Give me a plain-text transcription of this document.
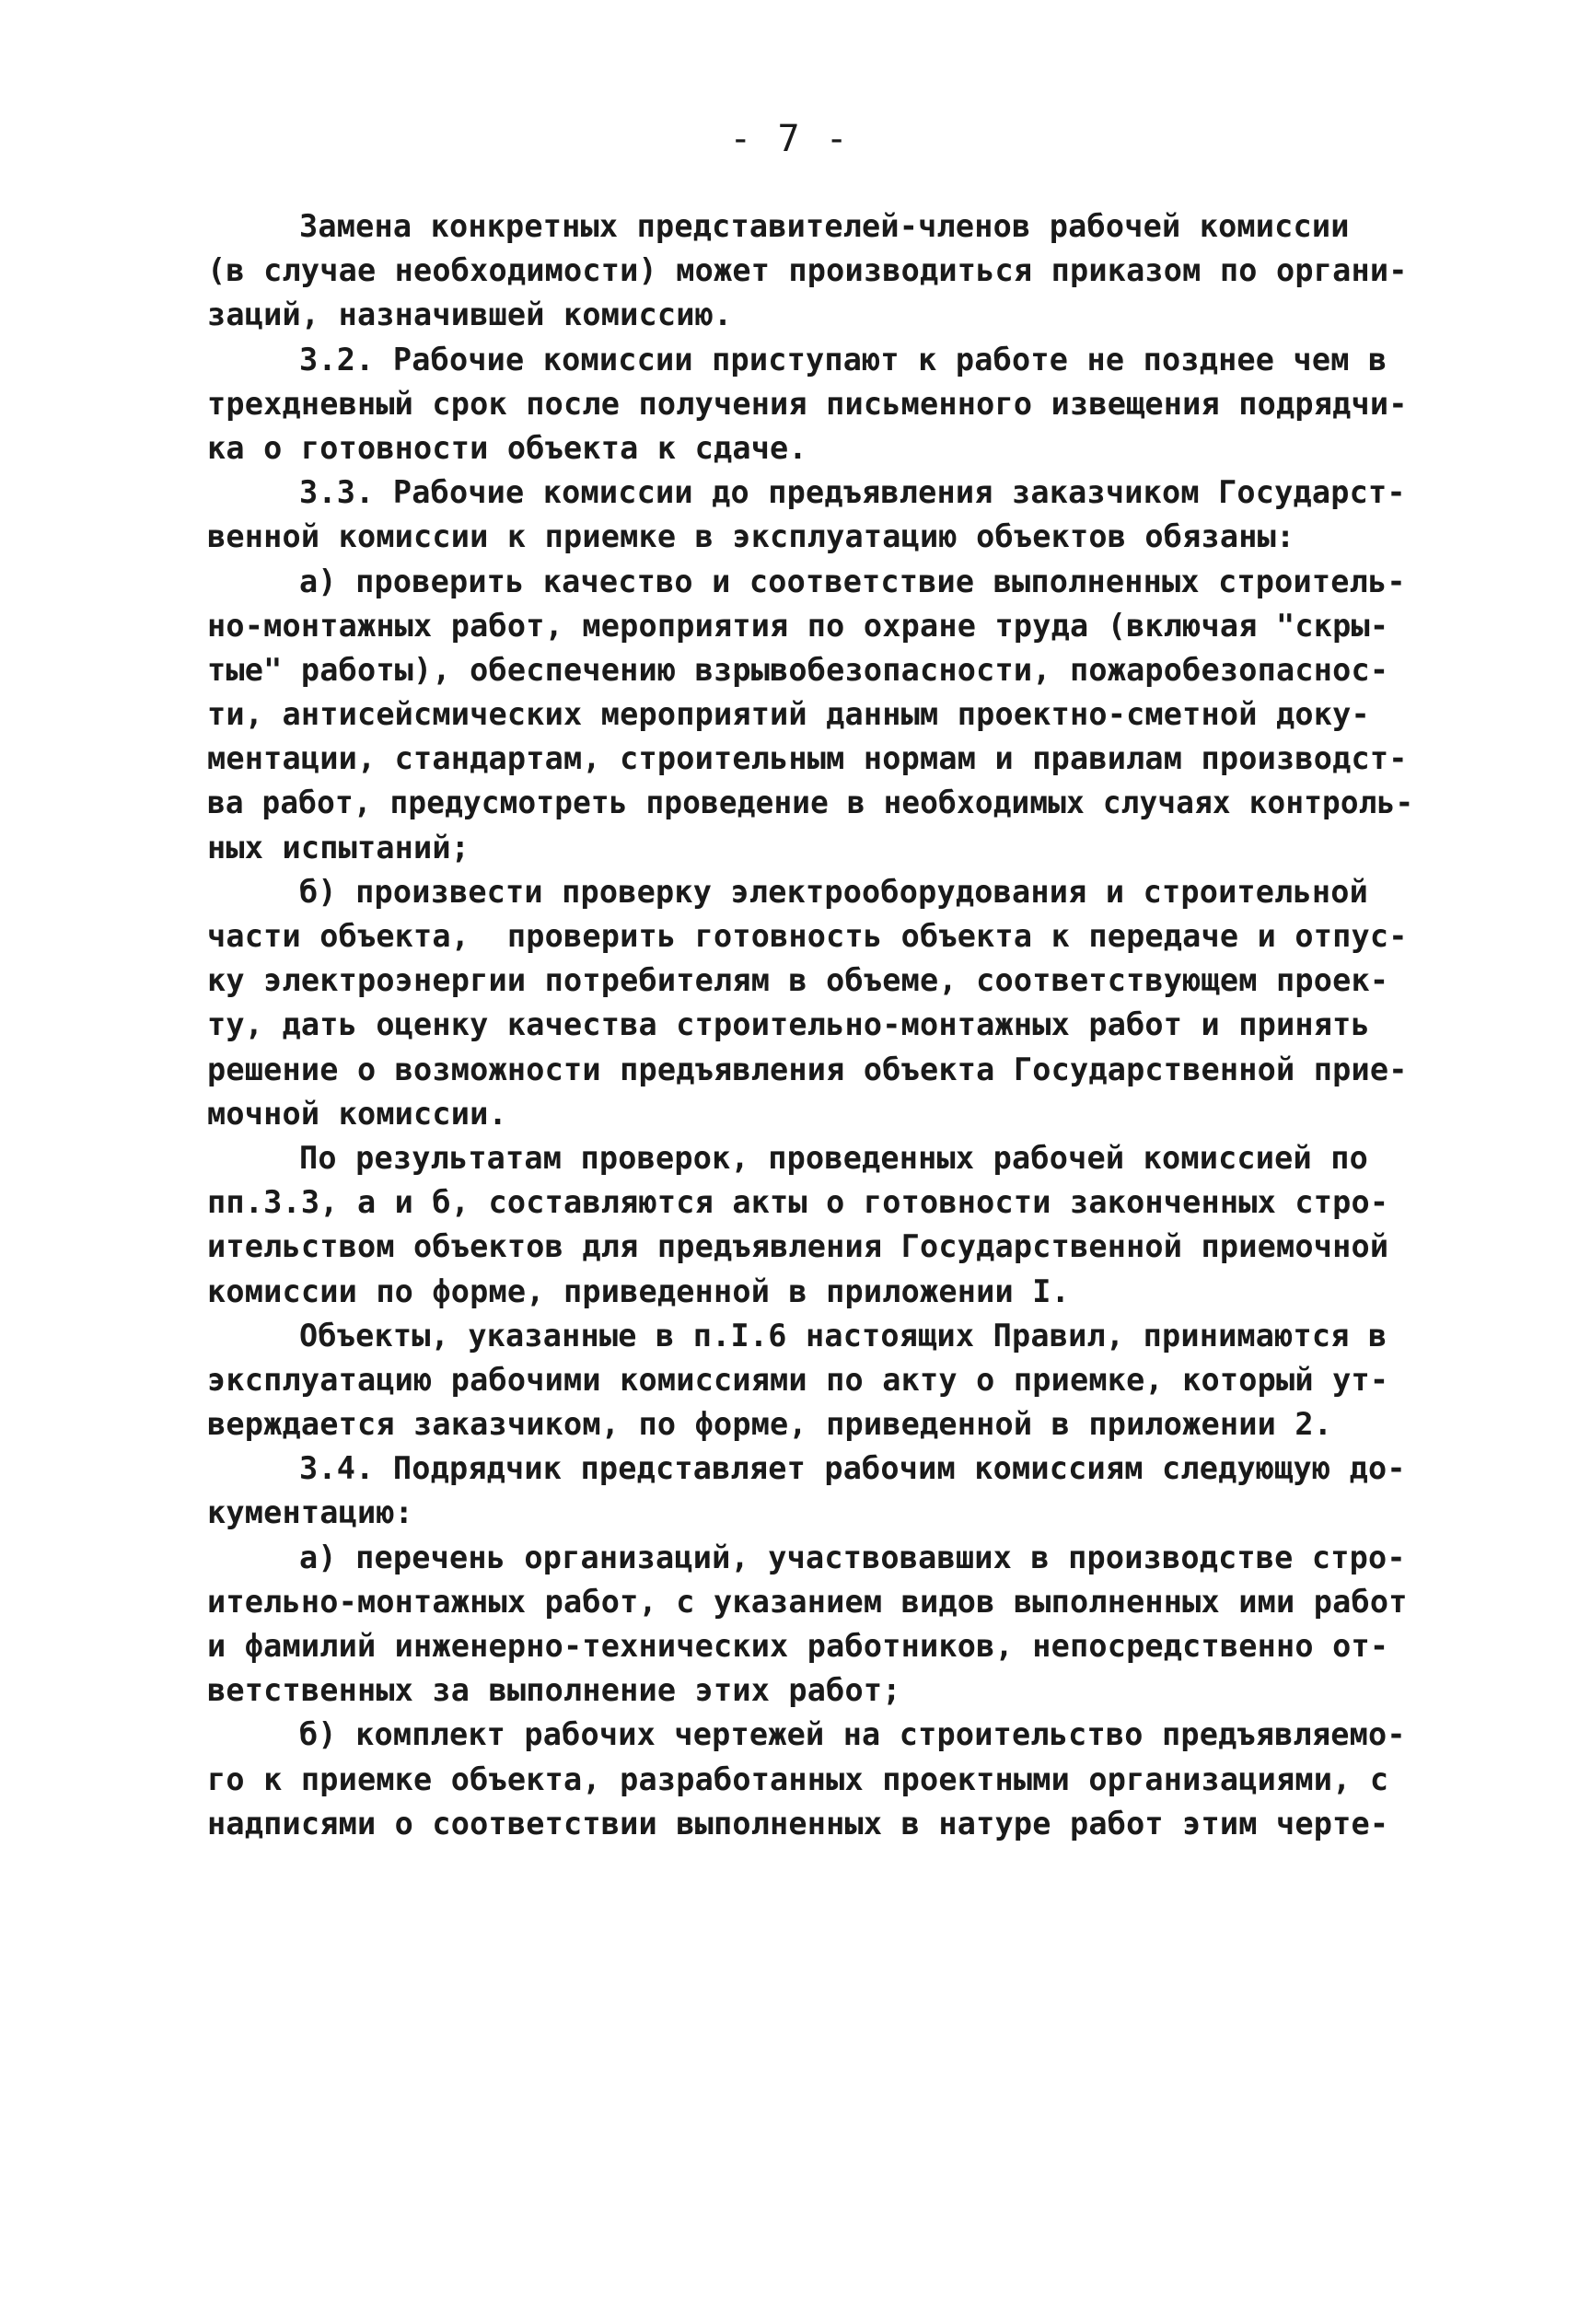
- 7 -
Замена конкретных представителей-членов рабочей комиссии
(в случае необходимости) может производиться приказом по органи-
заций, назначившей комиссию.
3.2. Рабочие комиссии приступают к работе не позднее чем в
трехдневный срок после получения письменного извещения подрядчи-
ка о готовности объекта к сдаче.
3.3. Рабочие комиссии до предъявления заказчиком Государст-
венной комиссии к приемке в эксплуатацию объектов обязаны:
а) проверить качество и соответствие выполненных строитель-
но-монтажных работ, мероприятия по охране труда (включая "скры-
тые" работы), обеспечению взрывобезопасности, пожаробезопаснос-
ти, антисейсмических мероприятий данным проектно-сметной доку-
ментации, стандартам, строительным нормам и правилам производст-
ва работ, предусмотреть проведение в необходимых случаях контроль-
ных испытаний;
б) произвести проверку электрооборудования и строительной
части объекта,  проверить готовность объекта к передаче и отпус-
ку электроэнергии потребителям в объеме, соответствующем проек-
ту, дать оценку качества строительно-монтажных работ и принять
решение о возможности предъявления объекта Государственной прие-
мочной комиссии.
По результатам проверок, проведенных рабочей комиссией по
пп.3.3, а и б, составляются акты о готовности законченных стро-
ительством объектов для предъявления Государственной приемочной
комиссии по форме, приведенной в приложении I.
Объекты, указанные в п.I.6 настоящих Правил, принимаются в
эксплуатацию рабочими комиссиями по акту о приемке, который ут-
верждается заказчиком, по форме, приведенной в приложении 2.
3.4. Подрядчик представляет рабочим комиссиям следующую до-
кументацию:
а) перечень организаций, участвовавших в производстве стро-
ительно-монтажных работ, с указанием видов выполненных ими работ
и фамилий инженерно-технических работников, непосредственно от-
ветственных за выполнение этих работ;
б) комплект рабочих чертежей на строительство предъявляемо-
го к приемке объекта, разработанных проектными организациями, с
надписями о соответствии выполненных в натуре работ этим черте-
